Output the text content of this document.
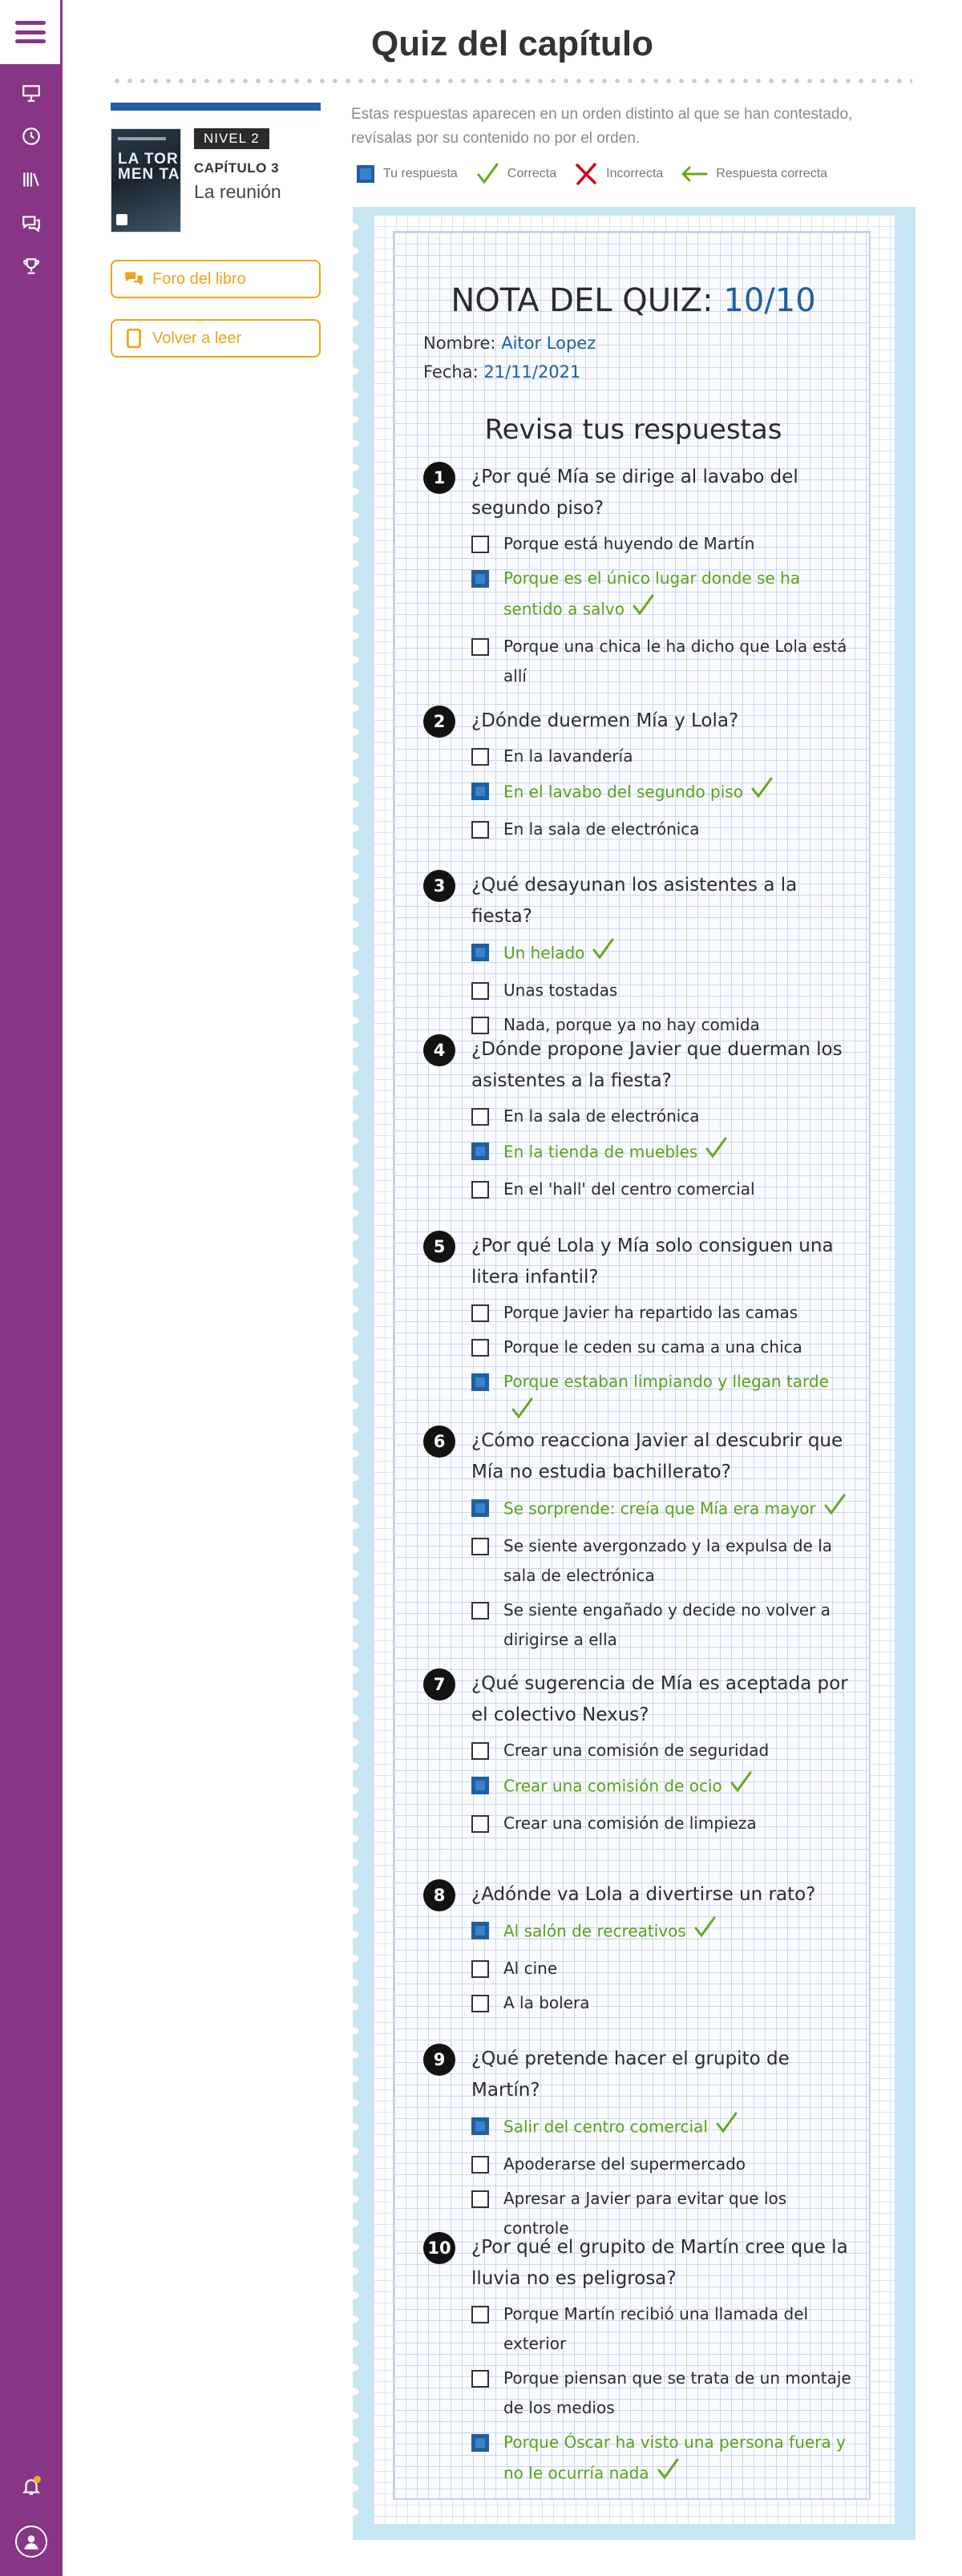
Quiz del capítulo
LA TOR MEN TA
NIVEL 2
CAPÍTULO 3
La reunión
Foro del libro
Volver a leer

Estas respuestas aparecen en un orden distinto al que se han contestado, revísalas por su contenido no por el orden.

Tu respuesta	Correcta	Incorrecta	Respuesta correcta
NOTA DEL QUIZ: 10/10
Nombre: Aitor Lopez
Fecha: 21/11/2021
Revisa tus respuestas
1	¿Por qué Mía se dirige al lavabo del segundo piso?
Porque está huyendo de Martín
Porque es el único lugar donde se ha sentido a salvo
Porque una chica le ha dicho que Lola está allí
2	¿Dónde duermen Mía y Lola?
En la lavandería
En el lavabo del segundo piso
En la sala de electrónica
3	¿Qué desayunan los asistentes a la fiesta?
Un helado
Unas tostadas
Nada, porque ya no hay comida
4	¿Dónde propone Javier que duerman los asistentes a la fiesta?
En la sala de electrónica
En la tienda de muebles
En el 'hall' del centro comercial
5	¿Por qué Lola y Mía solo consiguen una litera infantil?
Porque Javier ha repartido las camas
Porque le ceden su cama a una chica
Porque estaban limpiando y llegan tarde
6	¿Cómo reacciona Javier al descubrir que Mía no estudia bachillerato?
Se sorprende: creía que Mía era mayor
Se siente avergonzado y la expulsa de la sala de electrónica
Se siente engañado y decide no volver a dirigirse a ella
7	¿Qué sugerencia de Mía es aceptada por el colectivo Nexus?
Crear una comisión de seguridad
Crear una comisión de ocio
Crear una comisión de limpieza
8	¿Adónde va Lola a divertirse un rato?
Al salón de recreativos
Al cine
A la bolera
9	¿Qué pretende hacer el grupito de Martín?
Salir del centro comercial
Apoderarse del supermercado
Apresar a Javier para evitar que los controle
10 ¿Por qué el grupito de Martín cree que la lluvia no es peligrosa?
Porque Martín recibió una llamada del exterior
Porque piensan que se trata de un montaje de los medios
Porque Óscar ha visto una persona fuera y no le ocurría nada
